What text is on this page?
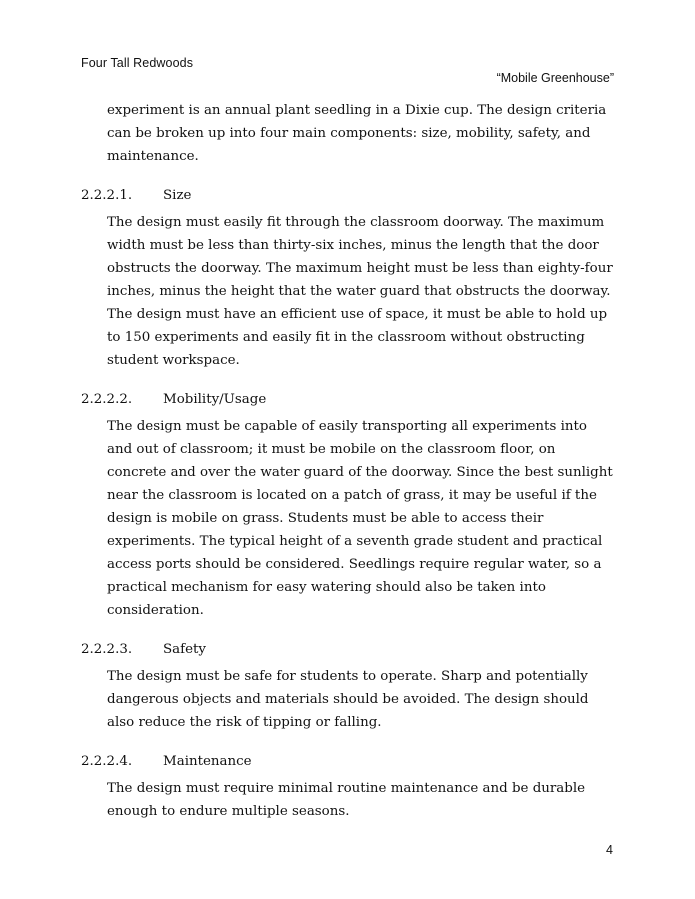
Four Tall Redwoods
“Mobile Greenhouse”

experiment is an annual plant seedling in a Dixie cup. The design criteria can be broken up into four main components: size, mobility, safety, and maintenance.

2.2.2.1.	Size

The design must easily fit through the classroom doorway. The maximum width must be less than thirty-six inches, minus the length that the door obstructs the doorway. The maximum height must be less than eighty-four inches, minus the height that the water guard that obstructs the doorway. The design must have an efficient use of space, it must be able to hold up to 150 experiments and easily fit in the classroom without obstructing student workspace.

2.2.2.2.	Mobility/Usage

The design must be capable of easily transporting all experiments into and out of classroom; it must be mobile on the classroom floor, on concrete and over the water guard of the doorway. Since the best sunlight near the classroom is located on a patch of grass, it may be useful if the design is mobile on grass. Students must be able to access their experiments. The typical height of a seventh grade student and practical access ports should be considered. Seedlings require regular water, so a practical mechanism for easy watering should also be taken into consideration.

2.2.2.3.	Safety

The design must be safe for students to operate. Sharp and potentially dangerous objects and materials should be avoided. The design should also reduce the risk of tipping or falling.

2.2.2.4.	Maintenance

The design must require minimal routine maintenance and be durable enough to endure multiple seasons.

4
